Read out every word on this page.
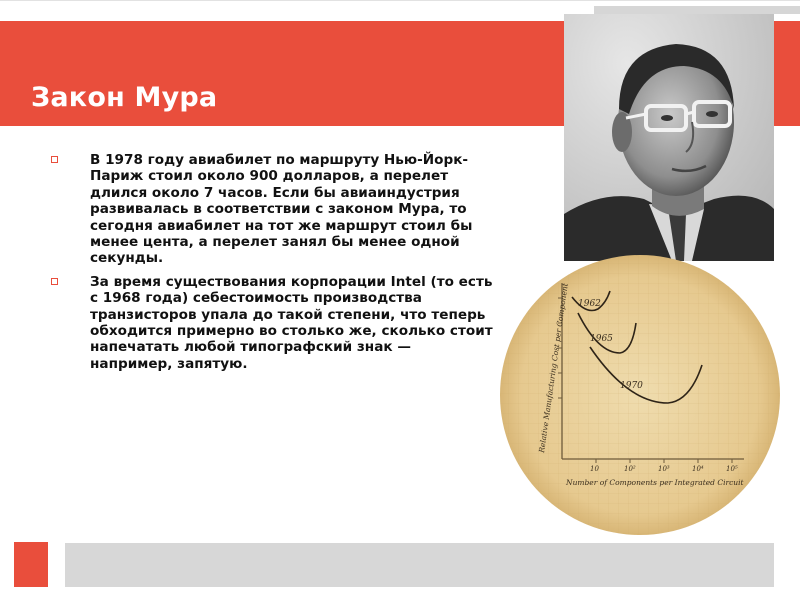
Закон Мура
В 1978 году авиабилет по маршруту Нью-Йорк-Париж стоил около 900 долларов, а перелет длился около 7 часов. Если бы авиаиндустрия развивалась в соответствии с законом Мура, то сегодня авиабилет на тот же маршрут стоил бы менее цента, а перелет занял бы менее одной секунды.
За время существования корпорации Intel (то есть с 1968 года) себестоимость производства транзисторов упала до такой степени, что теперь обходится примерно во столько же, сколько стоит напечатать любой типографский знак — например, запятую.
1962
1965
1970
10	10²	10³	10⁴	10⁵
Number of Components per Integrated Circuit
Relative Manufacturing Cost per Component
